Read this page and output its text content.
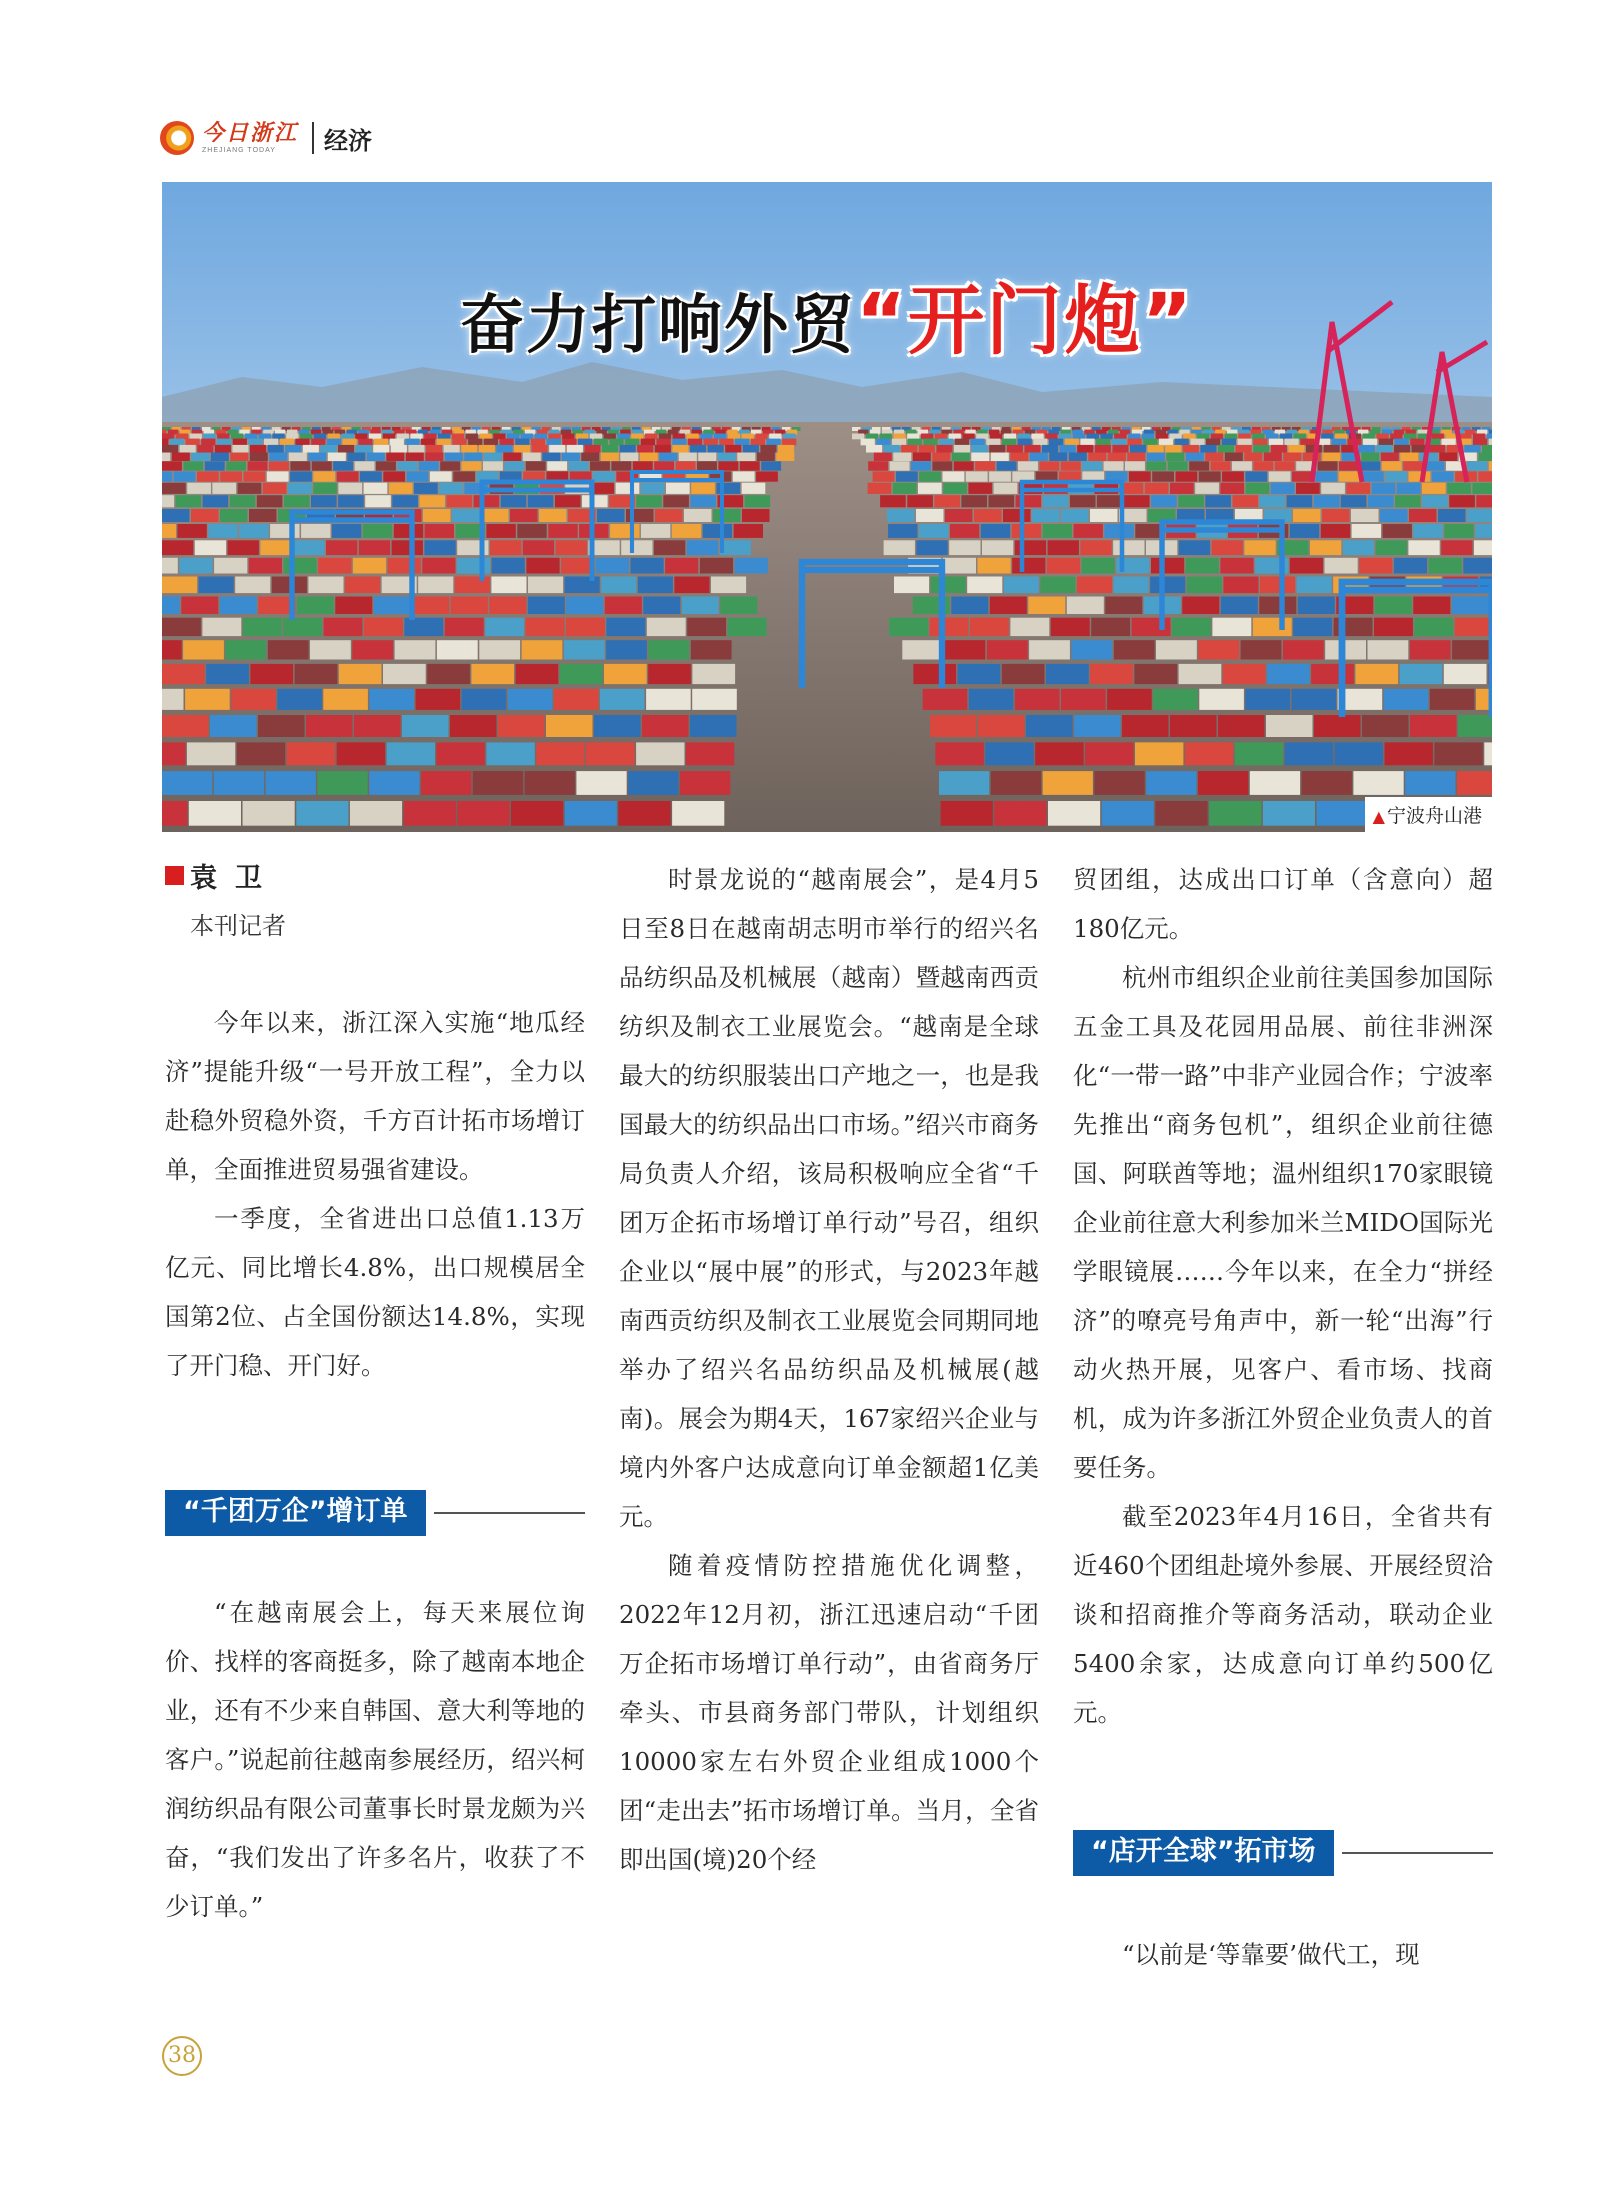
今日浙江
ZHEJIANG TODAY	经济
奋力打响外贸“开门炮”
▲ 宁波舟山港
袁卫
本刊记者

今年以来，浙江深入实施“地瓜经济”提能升级“一号开放工程”，全力以赴稳外贸稳外资，千方百计拓市场增订单，全面推进贸易强省建设。

一季度，全省进出口总值1.13万亿元、同比增长4.8%，出口规模居全国第2位、占全国份额达14.8%，实现了开门稳、开门好。

“千团万企”增订单

“在越南展会上，每天来展位询价、找样的客商挺多，除了越南本地企业，还有不少来自韩国、意大利等地的客户。”说起前往越南参展经历，绍兴柯润纺织品有限公司董事长时景龙颇为兴奋，“我们发出了许多名片，收获了不少订单。”

时景龙说的“越南展会”，是4月5日至8日在越南胡志明市举行的绍兴名品纺织品及机械展（越南）暨越南西贡纺织及制衣工业展览会。“越南是全球最大的纺织服装出口产地之一，也是我国最大的纺织品出口市场。”绍兴市商务局负责人介绍，该局积极响应全省“千团万企拓市场增订单行动”号召，组织企业以“展中展”的形式，与2023年越南西贡纺织及制衣工业展览会同期同地举办了绍兴名品纺织品及机械展(越南)。展会为期4天，167家绍兴企业与境内外客户达成意向订单金额超1亿美元。

随着疫情防控措施优化调整，2022年12月初，浙江迅速启动“千团万企拓市场增订单行动”，由省商务厅牵头、市县商务部门带队，计划组织10000家左右外贸企业组成1000个团“走出去”拓市场增订单。当月，全省即出国(境)20个经

贸团组，达成出口订单（含意向）超180亿元。

杭州市组织企业前往美国参加国际五金工具及花园用品展、前往非洲深化“一带一路”中非产业园合作；宁波率先推出“商务包机”，组织企业前往德国、阿联酋等地；温州组织170家眼镜企业前往意大利参加米兰MIDO国际光学眼镜展……今年以来，在全力“拼经济”的嘹亮号角声中，新一轮“出海”行动火热开展，见客户、看市场、找商机，成为许多浙江外贸企业负责人的首要任务。

截至2023年4月16日，全省共有近460个团组赴境外参展、开展经贸洽谈和招商推介等商务活动，联动企业5400余家，达成意向订单约500亿元。

“店开全球”拓市场

“以前是‘等靠要’做代工，现

38
